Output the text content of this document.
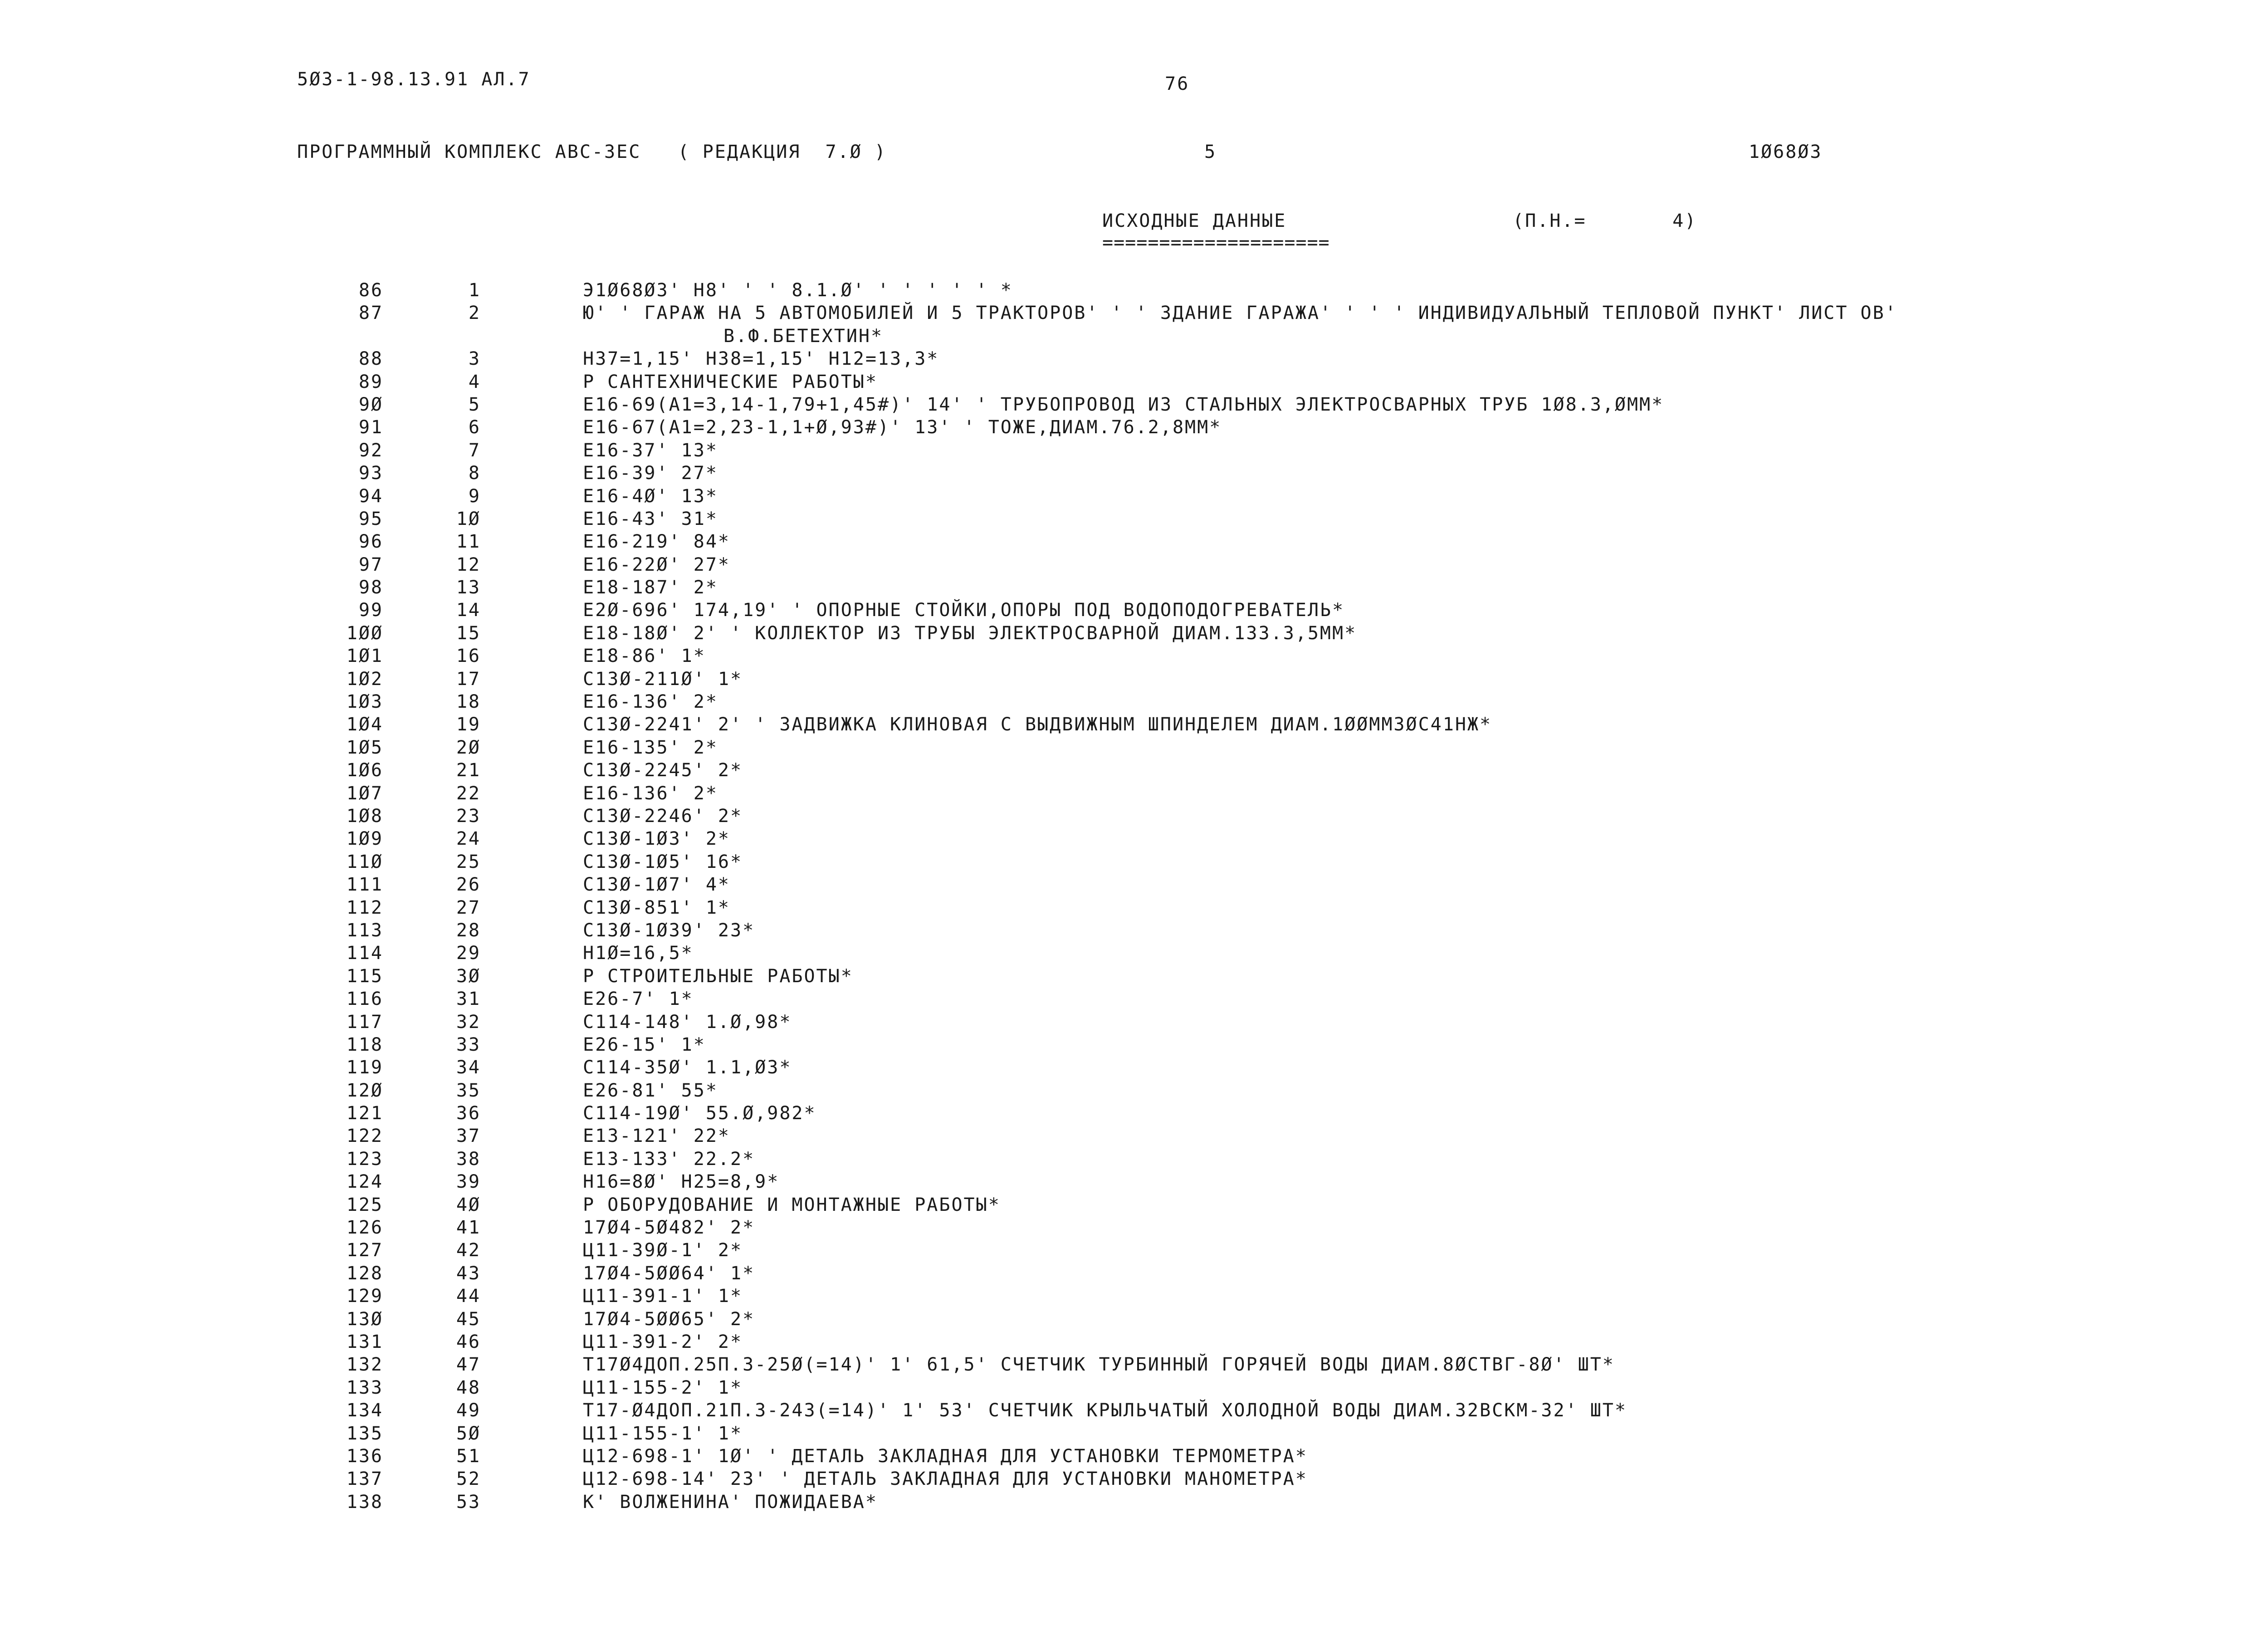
5Ø3-1-98.13.91 АЛ.7	76
ПРОГРАММНЫЙ КОМПЛЕКС АВС-ЗЕС   ( РЕДАКЦИЯ  7.Ø )	5	1Ø68Ø3
ИСХОДНЫЕ ДАННЫЕ
====================
(П.Н.=       4)
86	1	Э1Ø68Ø3' Н8' ' ' 8.1.Ø' ' ' ' ' ' *
87	2	Ю' ' ГАРАЖ НА 5 АВТОМОБИЛЕЙ И 5 ТРАКТОРОВ' ' ' ЗДАНИЕ ГАРАЖА' ' ' ' ИНДИВИДУАЛЬНЫЙ ТЕПЛОВОЙ ПУНКТ' ЛИСТ ОВ'
В.Ф.БЕТЕХТИН*
88	3	Н37=1,15' Н38=1,15' Н12=13,3*
89	4	Р САНТЕХНИЧЕСКИЕ РАБОТЫ*
9Ø	5	Е16-69(А1=3,14-1,79+1,45#)' 14' ' ТРУБОПРОВОД ИЗ СТАЛЬНЫХ ЭЛЕКТРОСВАРНЫХ ТРУБ 1Ø8.3,ØММ*
91	6	Е16-67(А1=2,23-1,1+Ø,93#)' 13' ' ТОЖЕ,ДИАМ.76.2,8ММ*
92	7	Е16-37' 13*
93	8	Е16-39' 27*
94	9	Е16-4Ø' 13*
95	1Ø	Е16-43' 31*
96	11	Е16-219' 84*
97	12	Е16-22Ø' 27*
98	13	Е18-187' 2*
99	14	Е2Ø-696' 174,19' ' ОПОРНЫЕ СТОЙКИ,ОПОРЫ ПОД ВОДОПОДОГРЕВАТЕЛЬ*
1ØØ	15	Е18-18Ø' 2' ' КОЛЛЕКТОР ИЗ ТРУБЫ ЭЛЕКТРОСВАРНОЙ ДИАМ.133.3,5ММ*
1Ø1	16	Е18-86' 1*
1Ø2	17	С13Ø-211Ø' 1*
1Ø3	18	Е16-136' 2*
1Ø4	19	С13Ø-2241' 2' ' ЗАДВИЖКА КЛИНОВАЯ С ВЫДВИЖНЫМ ШПИНДЕЛЕМ ДИАМ.1ØØММ3ØС41НЖ*
1Ø5	2Ø	Е16-135' 2*
1Ø6	21	С13Ø-2245' 2*
1Ø7	22	Е16-136' 2*
1Ø8	23	С13Ø-2246' 2*
1Ø9	24	С13Ø-1Ø3' 2*
11Ø	25	С13Ø-1Ø5' 16*
111	26	С13Ø-1Ø7' 4*
112	27	С13Ø-851' 1*
113	28	С13Ø-1Ø39' 23*
114	29	Н1Ø=16,5*
115	3Ø	Р СТРОИТЕЛЬНЫЕ РАБОТЫ*
116	31	Е26-7' 1*
117	32	С114-148' 1.Ø,98*
118	33	Е26-15' 1*
119	34	С114-35Ø' 1.1,Ø3*
12Ø	35	Е26-81' 55*
121	36	С114-19Ø' 55.Ø,982*
122	37	Е13-121' 22*
123	38	Е13-133' 22.2*
124	39	Н16=8Ø' Н25=8,9*
125	4Ø	Р ОБОРУДОВАНИЕ И МОНТАЖНЫЕ РАБОТЫ*
126	41	17Ø4-5Ø482' 2*
127	42	Ц11-39Ø-1' 2*
128	43	17Ø4-5ØØ64' 1*
129	44	Ц11-391-1' 1*
13Ø	45	17Ø4-5ØØ65' 2*
131	46	Ц11-391-2' 2*
132	47	Т17Ø4ДОП.25П.3-25Ø(=14)' 1' 61,5' СЧЕТЧИК ТУРБИННЫЙ ГОРЯЧЕЙ ВОДЫ ДИАМ.8ØСТВГ-8Ø' ШТ*
133	48	Ц11-155-2' 1*
134	49	Т17-Ø4ДОП.21П.3-243(=14)' 1' 53' СЧЕТЧИК КРЫЛЬЧАТЫЙ ХОЛОДНОЙ ВОДЫ ДИАМ.32ВСКМ-32' ШТ*
135	5Ø	Ц11-155-1' 1*
136	51	Ц12-698-1' 1Ø' ' ДЕТАЛЬ ЗАКЛАДНАЯ ДЛЯ УСТАНОВКИ ТЕРМОМЕТРА*
137	52	Ц12-698-14' 23' ' ДЕТАЛЬ ЗАКЛАДНАЯ ДЛЯ УСТАНОВКИ МАНОМЕТРА*
138	53	К' ВОЛЖЕНИНА' ПОЖИДАЕВА*
